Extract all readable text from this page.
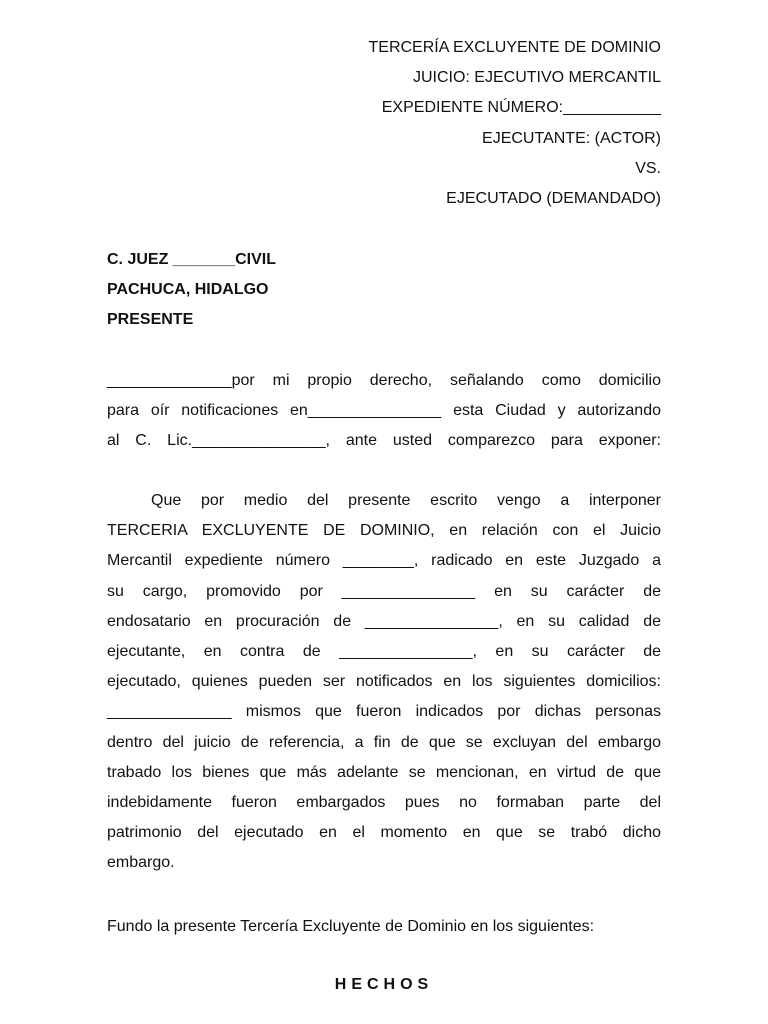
TERCERÍA EXCLUYENTE DE DOMINIO
JUICIO: EJECUTIVO MERCANTIL
EXPEDIENTE NÚMERO:___________
EJECUTANTE: (ACTOR)
VS.
EJECUTADO (DEMANDADO)
C. JUEZ _______CIVIL
PACHUCA, HIDALGO
PRESENTE
______________por mi propio derecho, señalando como domicilio
para oír notificaciones en_______________ esta Ciudad y autorizando
al C. Lic._______________, ante usted comparezco para exponer:
Que por medio del presente escrito vengo a interponer
TERCERIA EXCLUYENTE DE DOMINIO, en relación con el Juicio
Mercantil expediente número ________, radicado en este Juzgado a
su cargo, promovido por _______________ en su carácter de
endosatario en procuración de _______________, en su calidad de
ejecutante, en contra de _______________, en su carácter de
ejecutado, quienes pueden ser notificados en los siguientes domicilios:
______________ mismos que fueron indicados por dichas personas
dentro del juicio de referencia, a fin de que se excluyan del embargo
trabado los bienes que más adelante se mencionan, en virtud de que
indebidamente fueron embargados pues no formaban parte del
patrimonio del ejecutado en el momento en que se trabó dicho
embargo.
Fundo la presente Tercería Excluyente de Dominio en los siguientes:
HECHOS
